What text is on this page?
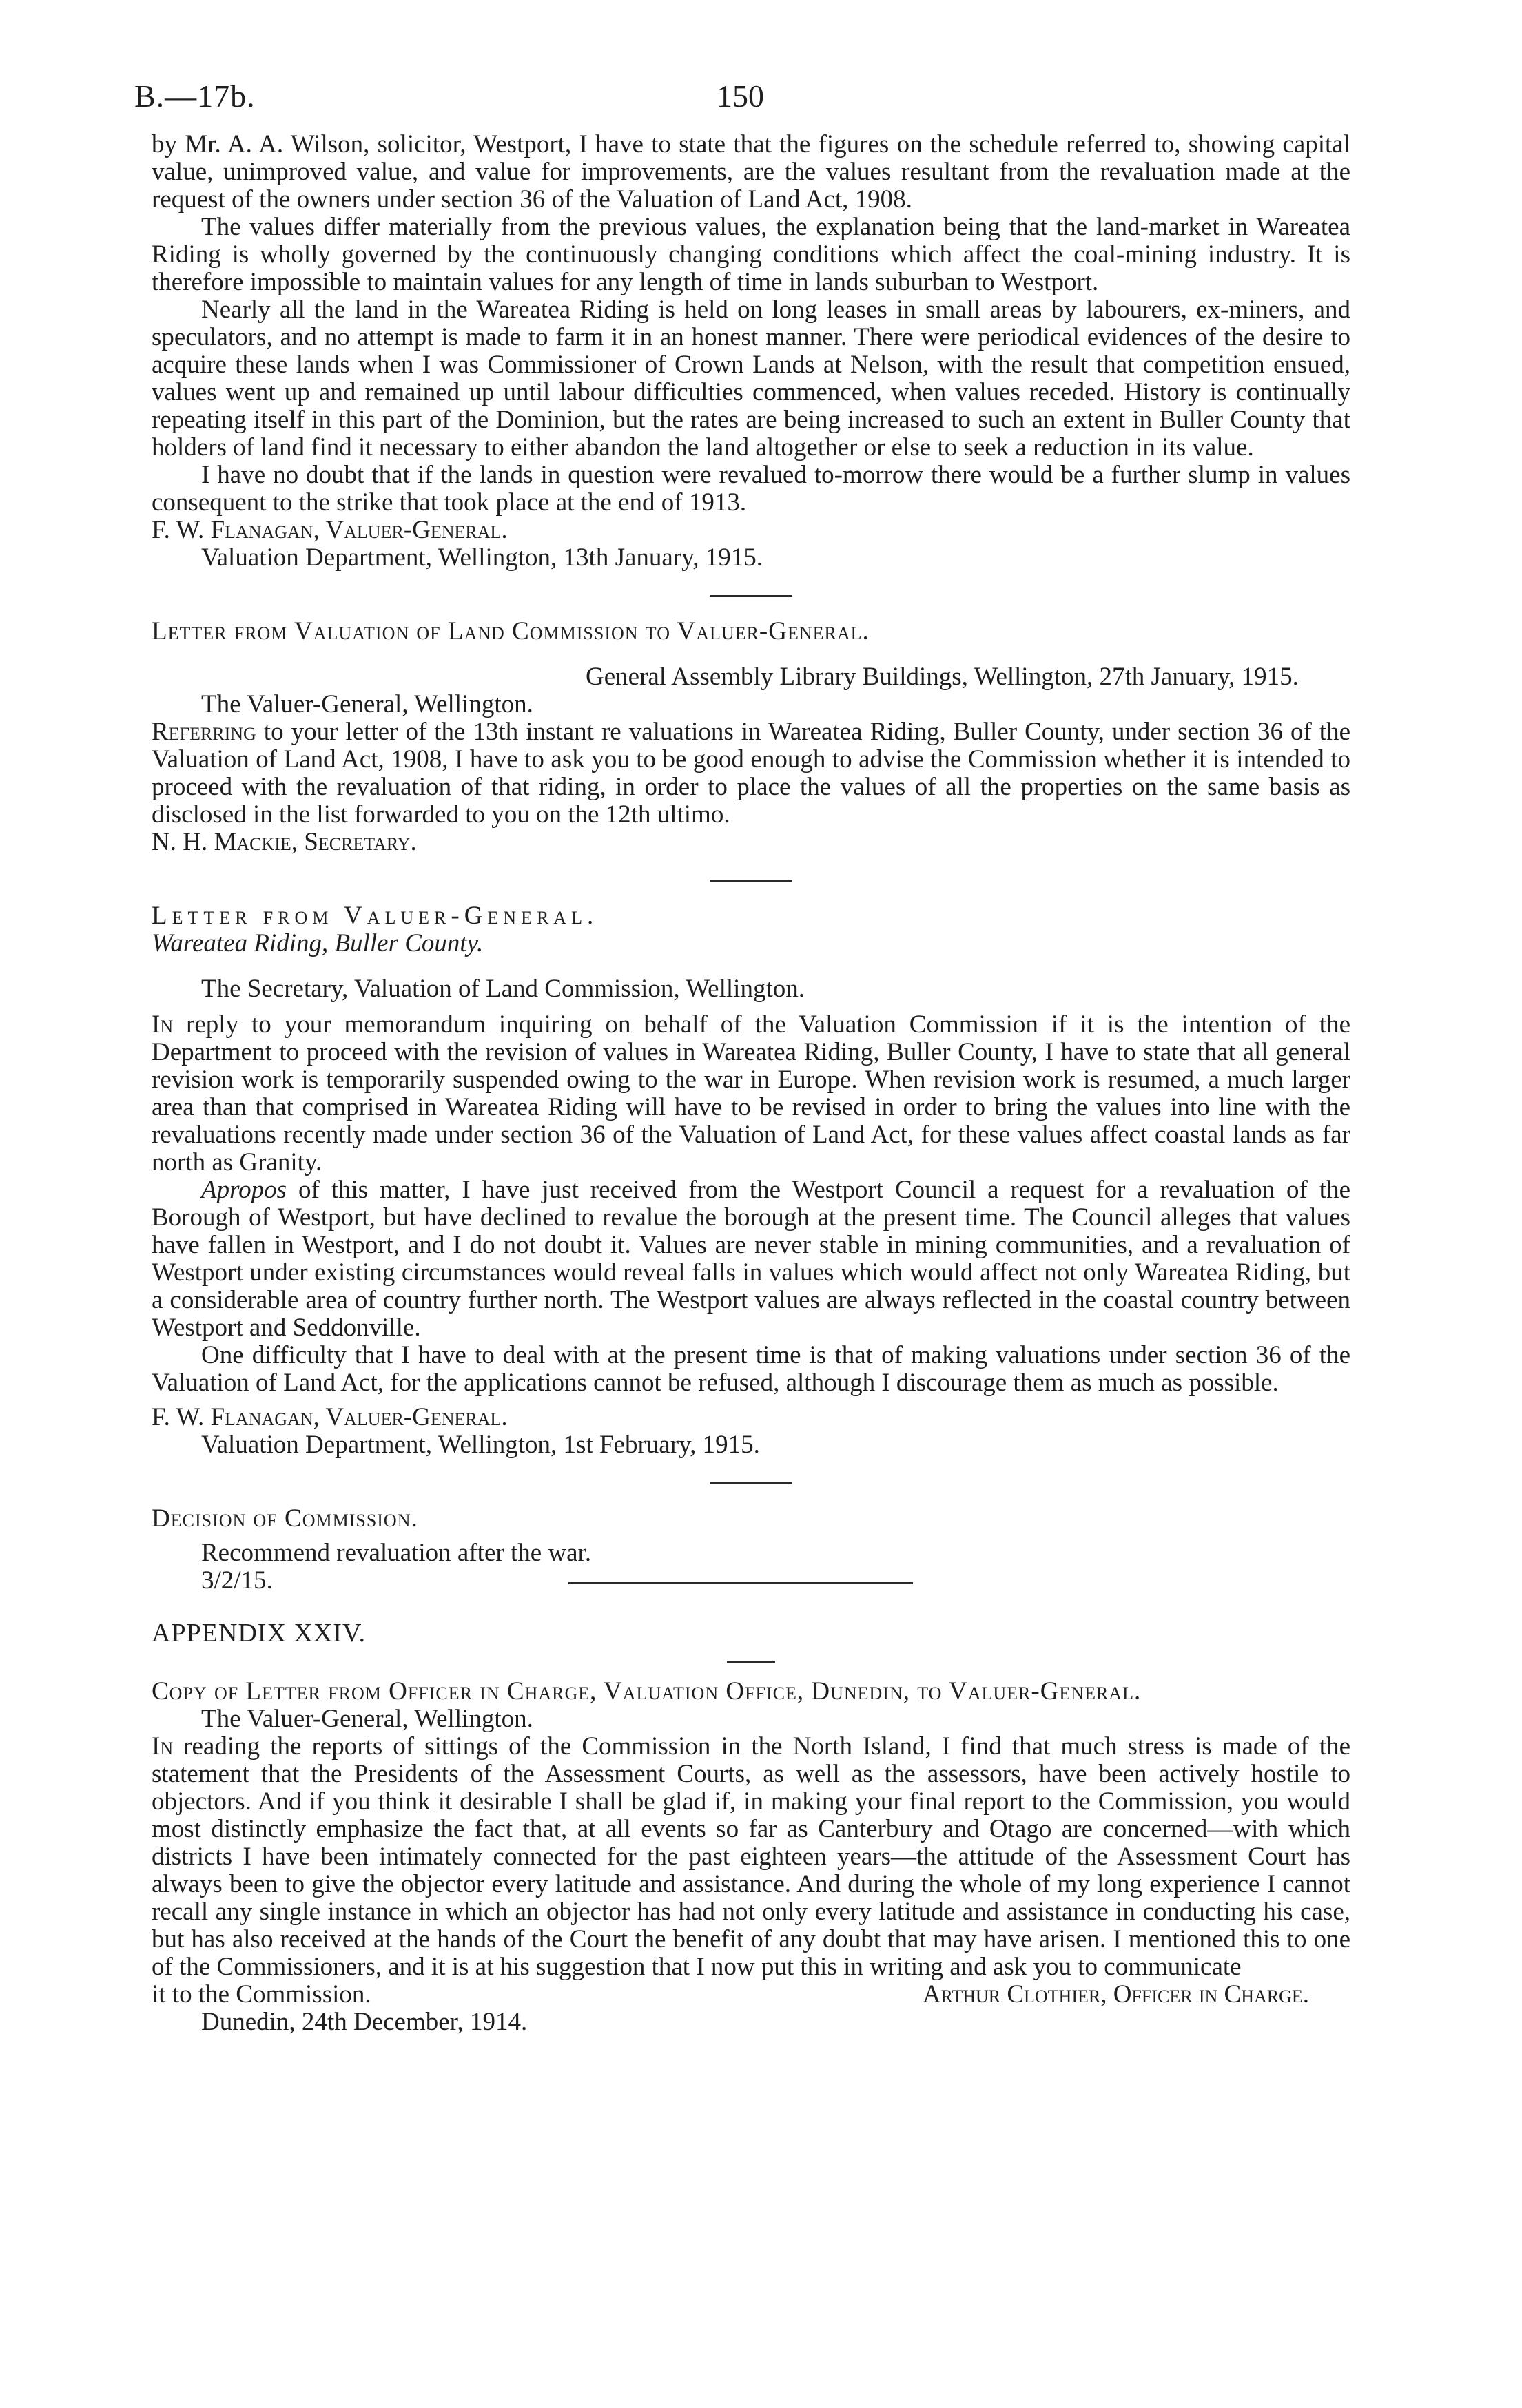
B.—17b.	150

by Mr. A. A. Wilson, solicitor, Westport, I have to state that the figures on the schedule referred to, showing capital value, unimproved value, and value for improvements, are the values resultant from the revaluation made at the request of the owners under section 36 of the Valuation of Land Act, 1908.

The values differ materially from the previous values, the explanation being that the land-market in Wareatea Riding is wholly governed by the continuously changing conditions which affect the coal-mining industry. It is therefore impossible to maintain values for any length of time in lands suburban to Westport.

Nearly all the land in the Wareatea Riding is held on long leases in small areas by labourers, ex-miners, and speculators, and no attempt is made to farm it in an honest manner. There were periodical evidences of the desire to acquire these lands when I was Commissioner of Crown Lands at Nelson, with the result that competition ensued, values went up and remained up until labour difficulties commenced, when values receded. History is continually repeating itself in this part of the Dominion, but the rates are being increased to such an extent in Buller County that holders of land find it necessary to either abandon the land altogether or else to seek a reduction in its value.

I have no doubt that if the lands in question were revalued to-morrow there would be a further slump in values consequent to the strike that took place at the end of 1913.

F. W. Flanagan, Valuer-General.

Valuation Department, Wellington, 13th January, 1915.

Letter from Valuation of Land Commission to Valuer-General.

General Assembly Library Buildings, Wellington, 27th January, 1915.

The Valuer-General, Wellington.

Referring to your letter of the 13th instant re valuations in Wareatea Riding, Buller County, under section 36 of the Valuation of Land Act, 1908, I have to ask you to be good enough to advise the Commission whether it is intended to proceed with the revaluation of that riding, in order to place the values of all the properties on the same basis as disclosed in the list forwarded to you on the 12th ultimo.

N. H. Mackie, Secretary.

Letter from Valuer-General.

Wareatea Riding, Buller County.

The Secretary, Valuation of Land Commission, Wellington.

In reply to your memorandum inquiring on behalf of the Valuation Commission if it is the intention of the Department to proceed with the revision of values in Wareatea Riding, Buller County, I have to state that all general revision work is temporarily suspended owing to the war in Europe. When revision work is resumed, a much larger area than that comprised in Wareatea Riding will have to be revised in order to bring the values into line with the revaluations recently made under section 36 of the Valuation of Land Act, for these values affect coastal lands as far north as Granity.

Apropos of this matter, I have just received from the Westport Council a request for a revaluation of the Borough of Westport, but have declined to revalue the borough at the present time. The Council alleges that values have fallen in Westport, and I do not doubt it. Values are never stable in mining communities, and a revaluation of Westport under existing circumstances would reveal falls in values which would affect not only Wareatea Riding, but a considerable area of country further north. The Westport values are always reflected in the coastal country between Westport and Seddonville.

One difficulty that I have to deal with at the present time is that of making valuations under section 36 of the Valuation of Land Act, for the applications cannot be refused, although I discourage them as much as possible.

F. W. Flanagan, Valuer-General.

Valuation Department, Wellington, 1st February, 1915.

Decision of Commission.

Recommend revaluation after the war.

3/2/15.

APPENDIX XXIV.

Copy of Letter from Officer in Charge, Valuation Office, Dunedin, to Valuer-General.

The Valuer-General, Wellington.

In reading the reports of sittings of the Commission in the North Island, I find that much stress is made of the statement that the Presidents of the Assessment Courts, as well as the assessors, have been actively hostile to objectors. And if you think it desirable I shall be glad if, in making your final report to the Commission, you would most distinctly emphasize the fact that, at all events so far as Canterbury and Otago are concerned—with which districts I have been intimately connected for the past eighteen years—the attitude of the Assessment Court has always been to give the objector every latitude and assistance. And during the whole of my long experience I cannot recall any single instance in which an objector has had not only every latitude and assistance in conducting his case, but has also received at the hands of the Court the benefit of any doubt that may have arisen. I mentioned this to one of the Commissioners, and it is at his suggestion that I now put this in writing and ask you to communicate

it to the Commission.	Arthur Clothier, Officer in Charge.

Dunedin, 24th December, 1914.
